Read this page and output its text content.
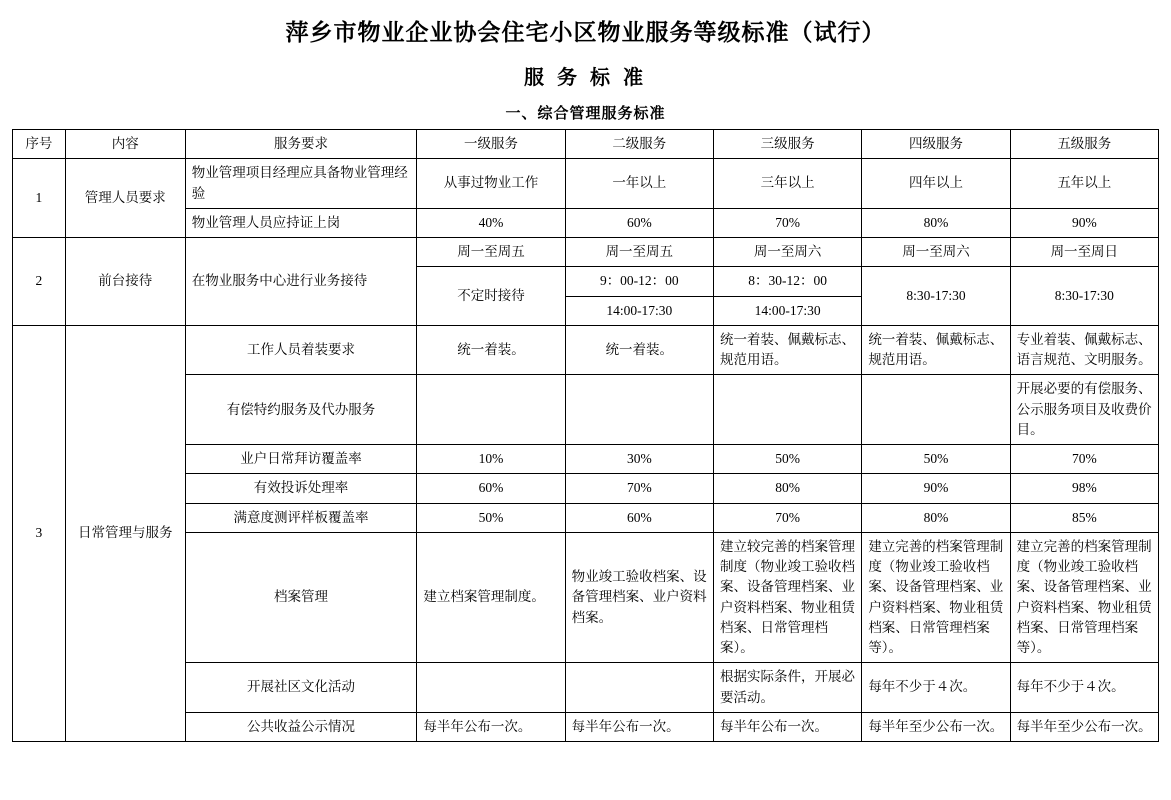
萍乡市物业企业协会住宅小区物业服务等级标准（试行）
服 务 标 准
一、综合管理服务标准
序号	内容	服务要求	一级服务	二级服务	三级服务	四级服务	五级服务
1	管理人员要求	物业管理项目经理应具备物业管理经验	从事过物业工作	一年以上	三年以上	四年以上	五年以上
		物业管理人员应持证上岗	40%	60%	70%	80%	90%
2	前台接待	在物业服务中心进行业务接待	周一至周五	周一至周五	周一至周六	周一至周六	周一至周日
			不定时接待	9：00-12：00	8：30-12：00	8:30-17:30	8:30-17:30
				14:00-17:30	14:00-17:30		
3	日常管理与服务	工作人员着装要求	统一着装。	统一着装。	统一着装、佩戴标志、规范用语。	统一着装、佩戴标志、规范用语。	专业着装、佩戴标志、语言规范、文明服务。
		有偿特约服务及代办服务					开展必要的有偿服务、公示服务项目及收费价目。
		业户日常拜访覆盖率	10%	30%	50%	50%	70%
		有效投诉处理率	60%	70%	80%	90%	98%
		满意度测评样板覆盖率	50%	60%	70%	80%	85%
		档案管理	建立档案管理制度。	物业竣工验收档案、设备管理档案、业户资料档案。	建立较完善的档案管理制度（物业竣工验收档案、设备管理档案、业户资料档案、物业租赁档案、日常管理档案）。	建立完善的档案管理制度（物业竣工验收档案、设备管理档案、业户资料档案、物业租赁档案、日常管理档案等）。	建立完善的档案管理制度（物业竣工验收档案、设备管理档案、业户资料档案、物业租赁档案、日常管理档案等）。
		开展社区文化活动			根据实际条件，开展必要活动。	每年不少于４次。	每年不少于４次。
		公共收益公示情况	每半年公布一次。	每半年公布一次。	每半年公布一次。	每半年至少公布一次。	每半年至少公布一次。
